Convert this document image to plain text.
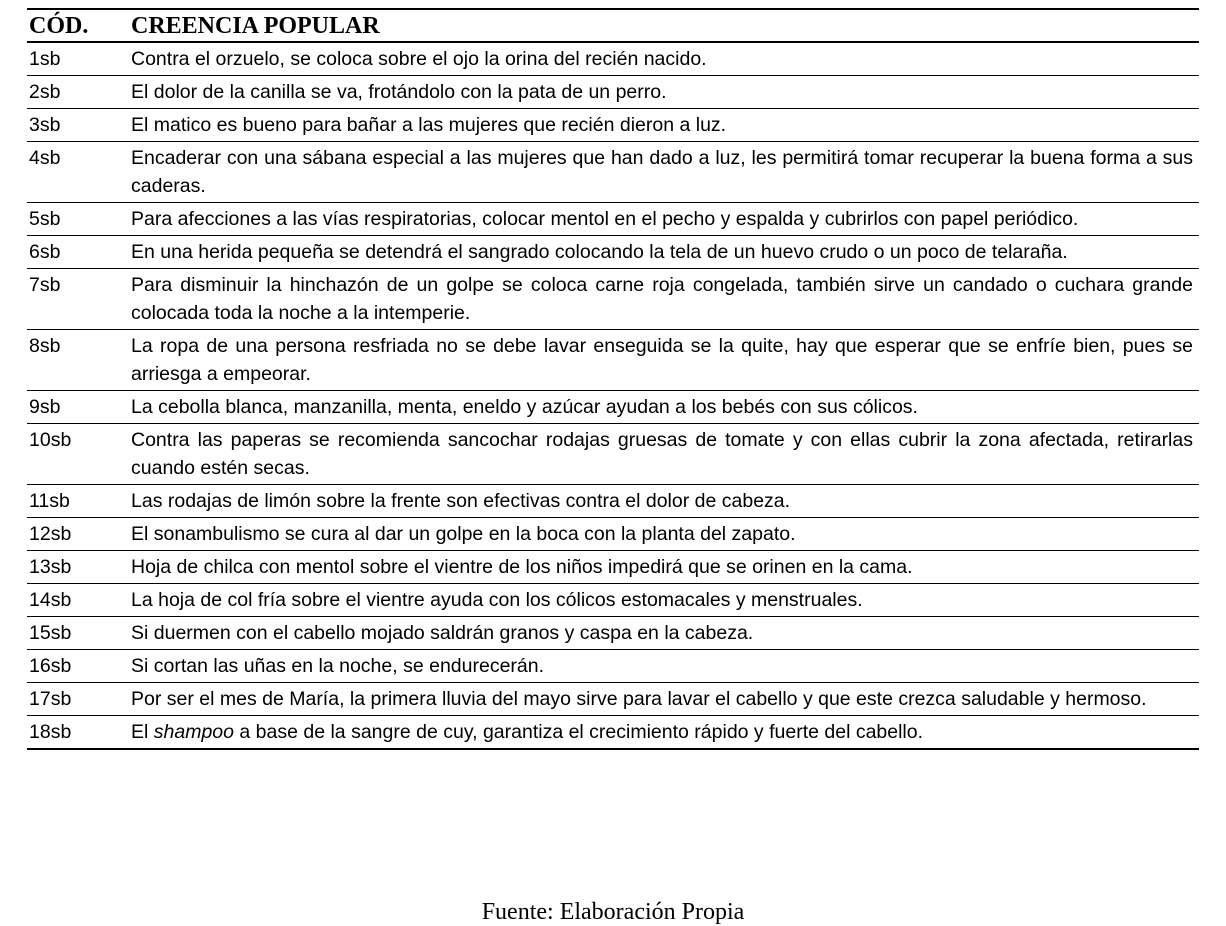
CÓD.	CREENCIA POPULAR
1sb	Contra el orzuelo, se coloca sobre el ojo la orina del recién nacido.
2sb	El dolor de la canilla se va, frotándolo con la pata de un perro.
3sb	El matico es bueno para bañar a las mujeres que recién dieron a luz.
4sb	Encaderar con una sábana especial a las mujeres que han dado a luz, les permitirá tomar recuperar la buena forma a sus caderas.
5sb	Para afecciones a las vías respiratorias, colocar mentol en el pecho y espalda y cubrirlos con papel periódico.
6sb	En una herida pequeña se detendrá el sangrado colocando la tela de un huevo crudo o un poco de telaraña.
7sb	Para disminuir la hinchazón de un golpe se coloca carne roja congelada, también sirve un candado o cuchara grande colocada toda la noche a la intemperie.
8sb	La ropa de una persona resfriada no se debe lavar enseguida se la quite, hay que esperar que se enfríe bien, pues se arriesga a empeorar.
9sb	La cebolla blanca, manzanilla, menta, eneldo y azúcar ayudan a los bebés con sus cólicos.
10sb	Contra las paperas se recomienda sancochar rodajas gruesas de tomate y con ellas cubrir la zona afectada, retirarlas cuando estén secas.
11sb	Las rodajas de limón sobre la frente son efectivas contra el dolor de cabeza.
12sb	El sonambulismo se cura al dar un golpe en la boca con la planta del zapato.
13sb	Hoja de chilca con mentol sobre el vientre de los niños impedirá que se orinen en la cama.
14sb	La hoja de col fría sobre el vientre ayuda con los cólicos estomacales y menstruales.
15sb	Si duermen con el cabello mojado saldrán granos y caspa en la cabeza.
16sb	Si cortan las uñas en la noche, se endurecerán.
17sb	Por ser el mes de María, la primera lluvia del mayo sirve para lavar el cabello y que este crezca saludable y hermoso.
18sb	El shampoo a base de la sangre de cuy, garantiza el crecimiento rápido y fuerte del cabello.
Fuente: Elaboración Propia
